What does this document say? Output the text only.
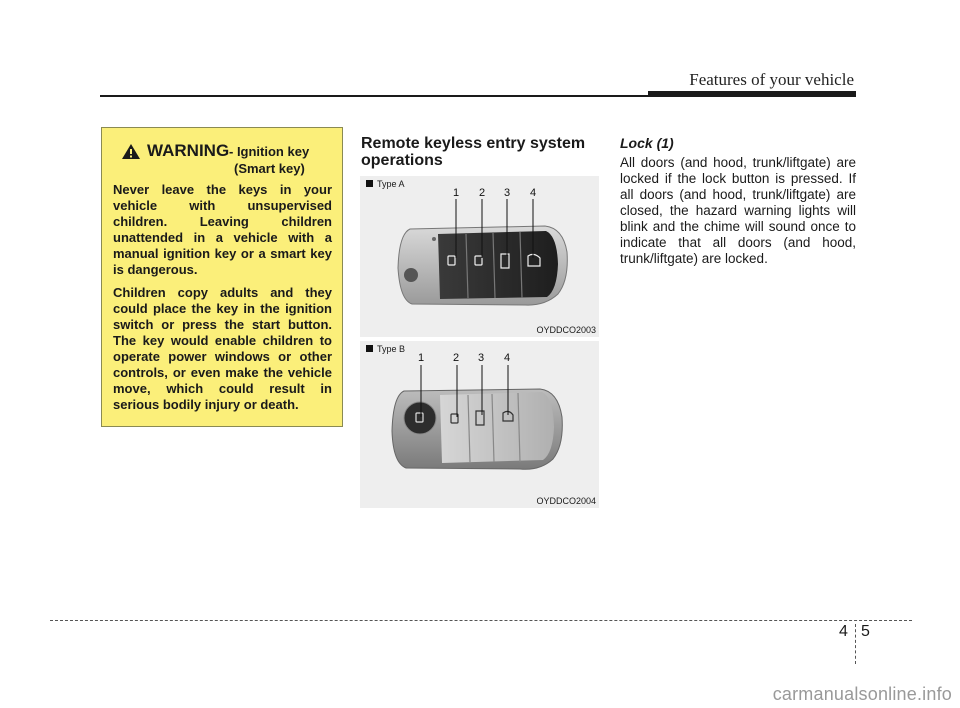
Features of your vehicle
WARNING - Ignition key
(Smart key)

Never leave the keys in your vehicle with unsupervised children. Leaving children unattended in a vehicle with a manual ignition key or a smart key is dangerous.

Children copy adults and they could place the key in the ignition switch or press the start button. The key would enable children to operate power windows or other controls, or even make the vehicle move, which could result in serious bodily injury or death.

Remote keyless entry system operations
1 2 3 4
Type A
OYDDCO2003
1	2 3 4
Type B
OYDDCO2004

Lock (1)

All doors (and hood, trunk/liftgate) are locked if the lock button is pressed. If all doors (and hood, trunk/liftgate) are closed, the hazard warning lights will blink and the chime will sound once to indicate that all doors (and hood, trunk/liftgate) are locked.

4 5
carmanualsonline.info
